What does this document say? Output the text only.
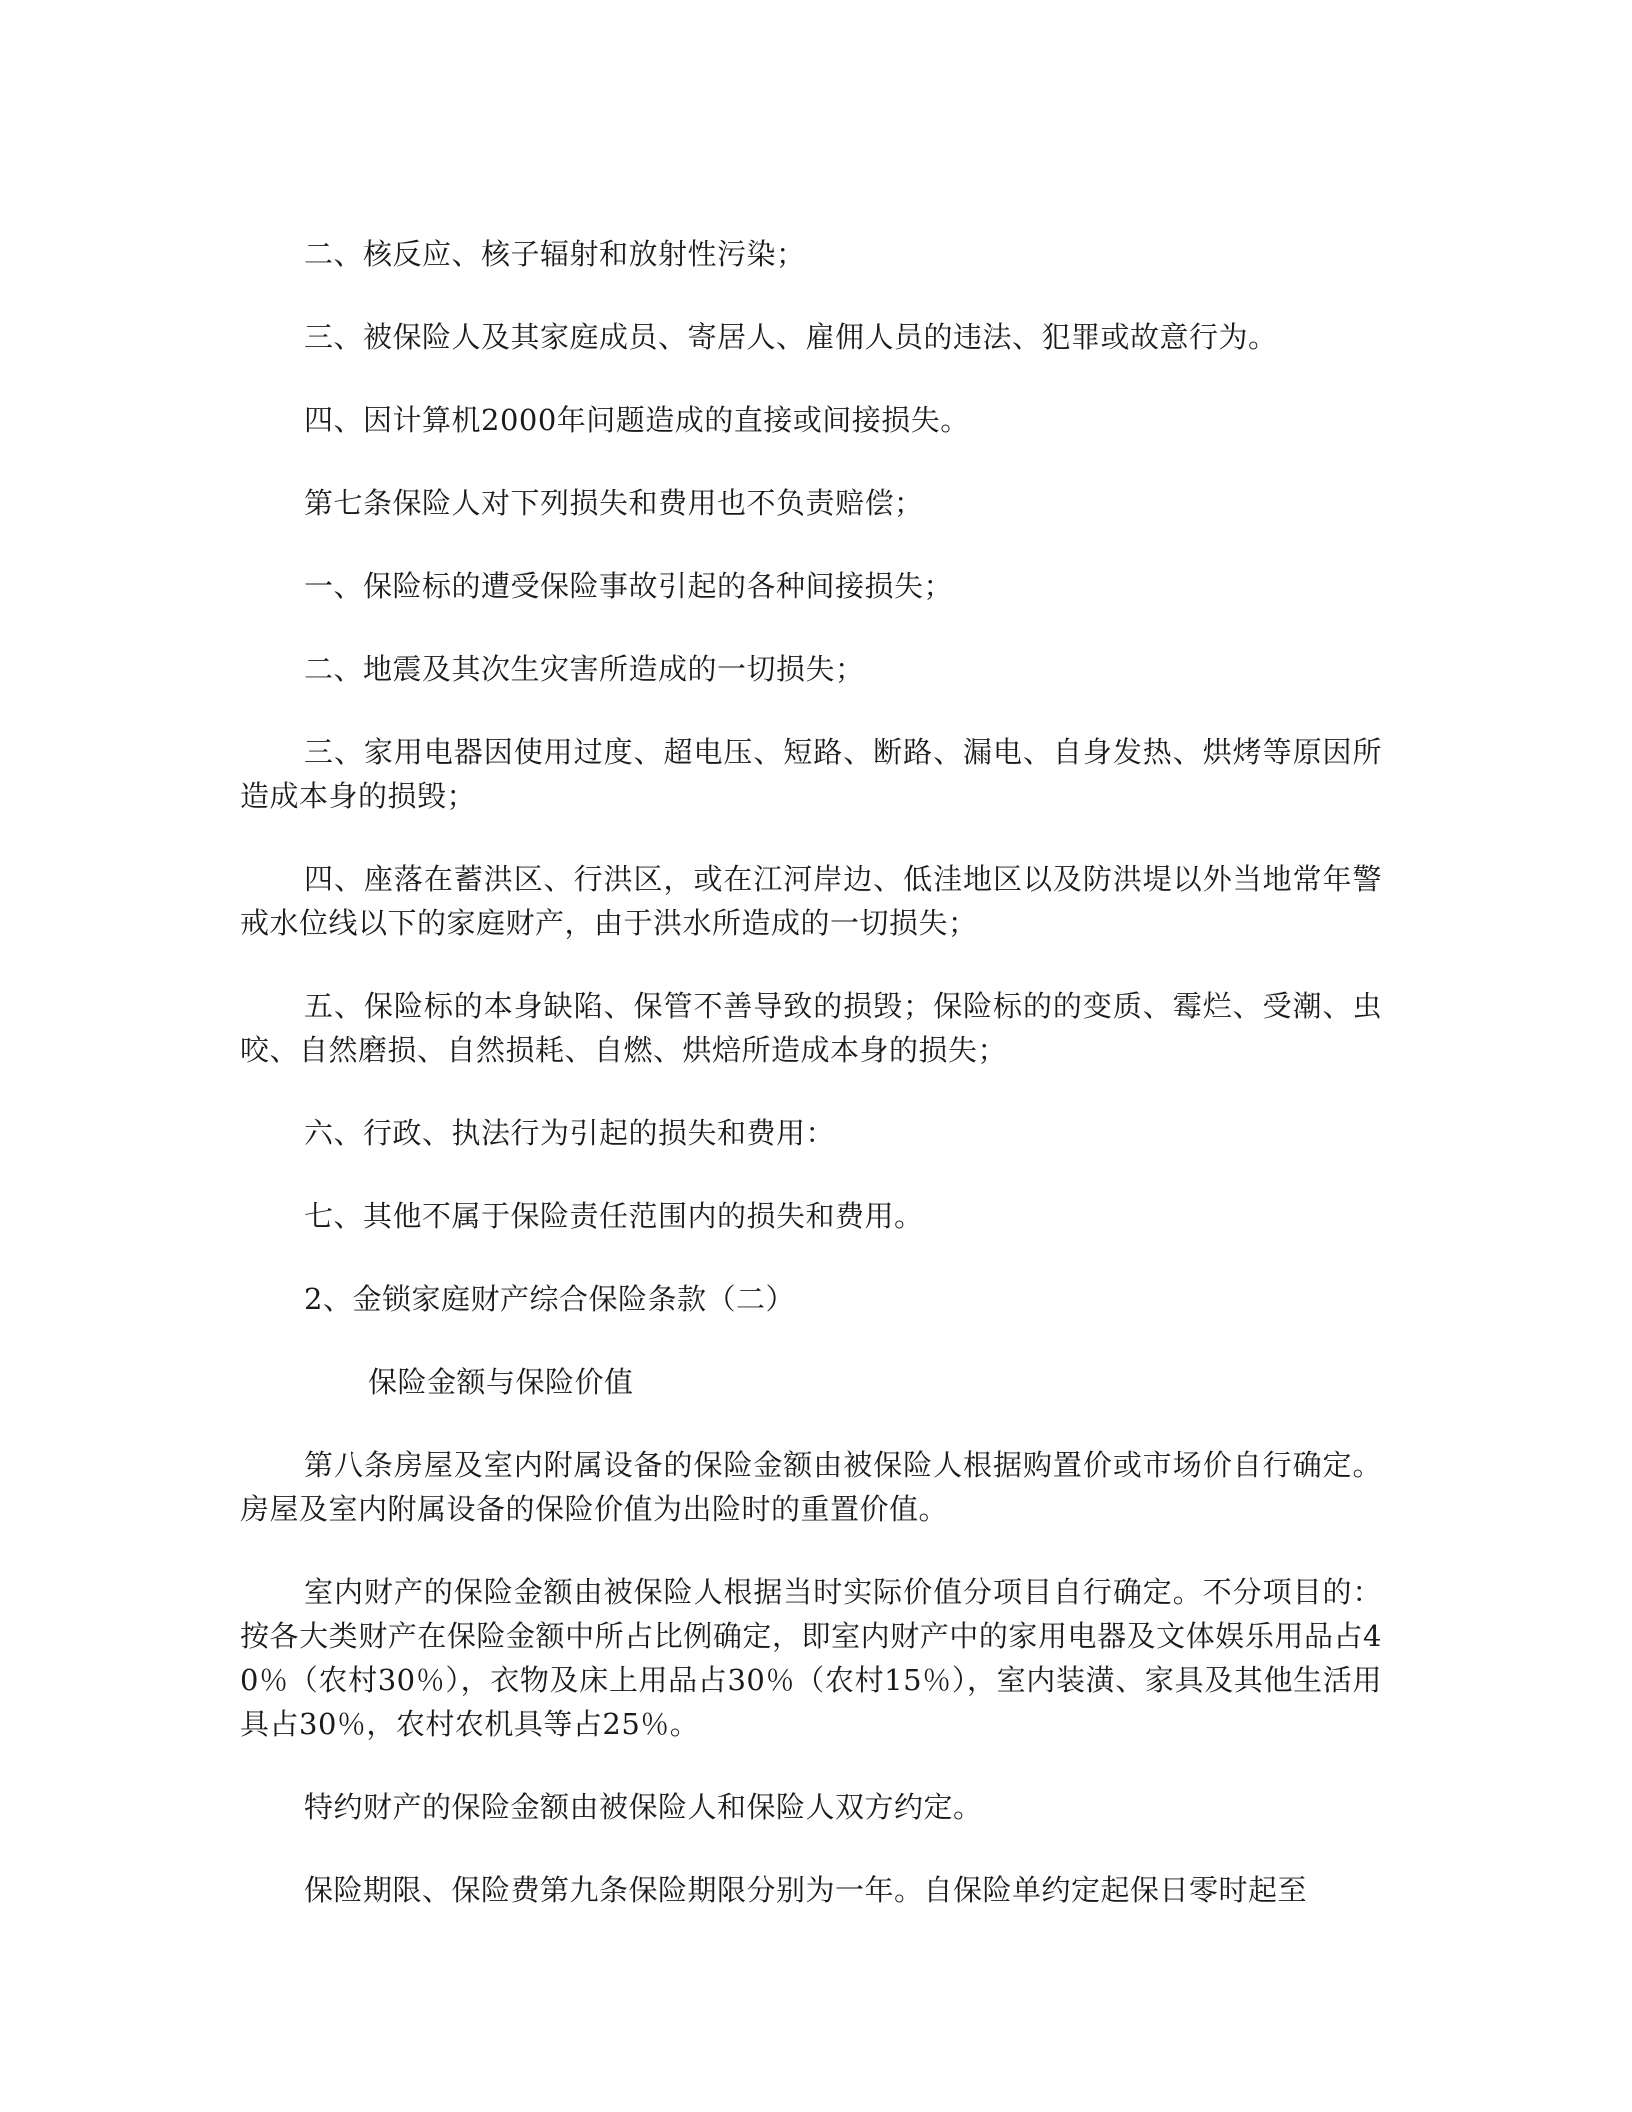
二、核反应、核子辐射和放射性污染；

三、被保险人及其家庭成员、寄居人、雇佣人员的违法、犯罪或故意行为。

四、因计算机2000年问题造成的直接或间接损失。

第七条保险人对下列损失和费用也不负责赔偿；

一、保险标的遭受保险事故引起的各种间接损失；

二、地震及其次生灾害所造成的一切损失；

三、家用电器因使用过度、超电压、短路、断路、漏电、自身发热、烘烤等原因所造成本身的损毁；

四、座落在蓄洪区、行洪区，或在江河岸边、低洼地区以及防洪堤以外当地常年警戒水位线以下的家庭财产，由于洪水所造成的一切损失；

五、保险标的本身缺陷、保管不善导致的损毁；保险标的的变质、霉烂、受潮、虫咬、自然磨损、自然损耗、自燃、烘焙所造成本身的损失；

六、行政、执法行为引起的损失和费用：

七、其他不属于保险责任范围内的损失和费用。

2、金锁家庭财产综合保险条款（二）

保险金额与保险价值

第八条房屋及室内附属设备的保险金额由被保险人根据购置价或市场价自行确定。房屋及室内附属设备的保险价值为出险时的重置价值。

室内财产的保险金额由被保险人根据当时实际价值分项目自行确定。不分项目的：按各大类财产在保险金额中所占比例确定，即室内财产中的家用电器及文体娱乐用品占40％（农村30％），衣物及床上用品占30％（农村15％），室内装潢、家具及其他生活用具占30％，农村农机具等占25％。

特约财产的保险金额由被保险人和保险人双方约定。

保险期限、保险费第九条保险期限分别为一年。自保险单约定起保日零时起至
